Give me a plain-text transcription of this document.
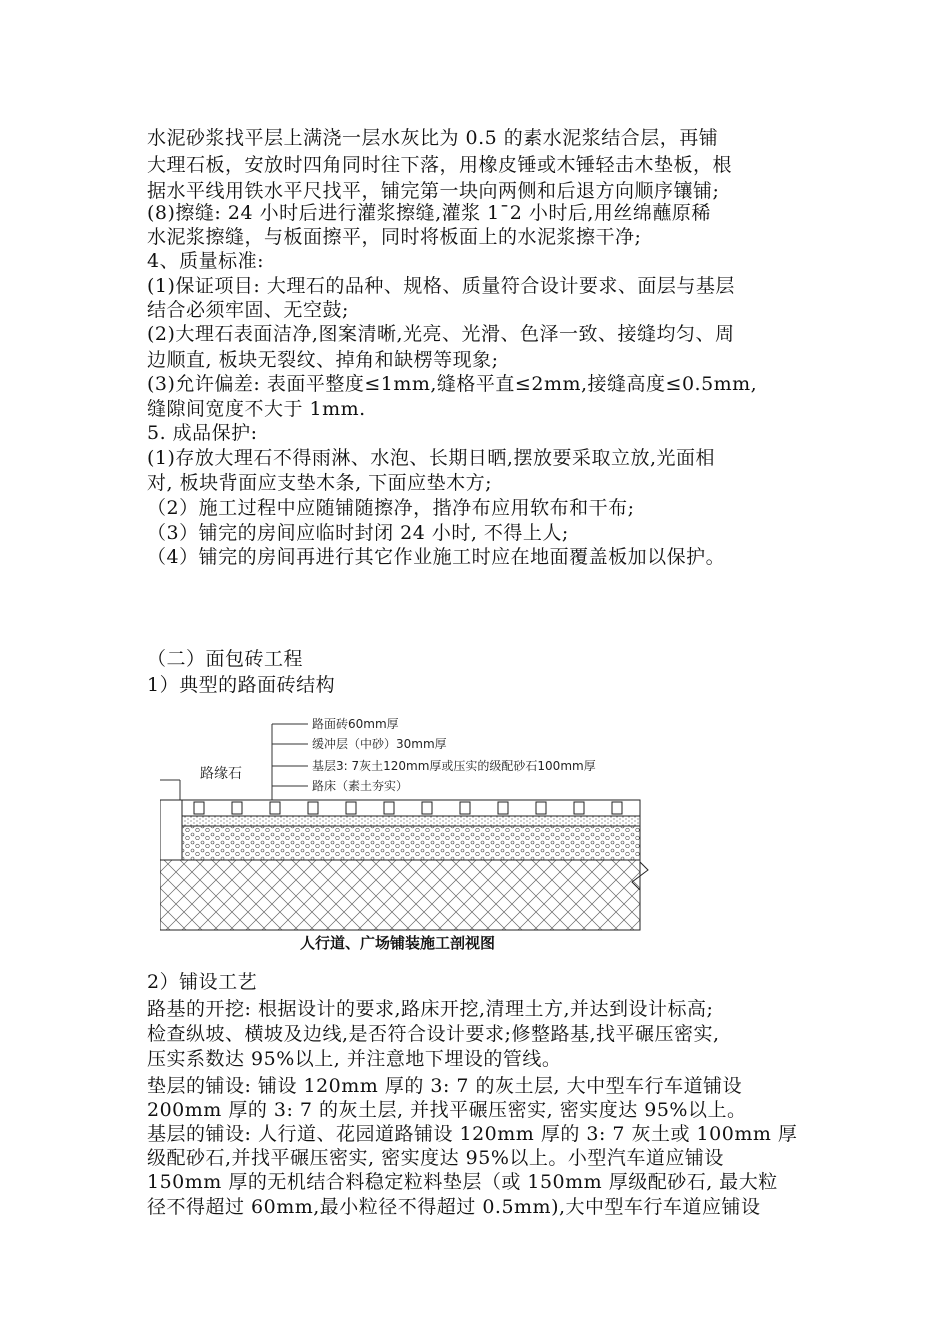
水泥砂浆找平层上满浇一层水灰比为 0.5 的素水泥浆结合层，再铺
大理石板，安放时四角同时往下落，用橡皮锤或木锤轻击木垫板，根
据水平线用铁水平尺找平，铺完第一块向两侧和后退方向顺序镶铺;
(8)擦缝: 24 小时后进行灌浆擦缝,灌浆 1¯2 小时后,用丝绵蘸原稀
水泥浆擦缝，与板面擦平，同时将板面上的水泥浆擦干净;
4、质量标准:
(1)保证项目: 大理石的品种、规格、质量符合设计要求、面层与基层
结合必须牢固、无空鼓;
(2)大理石表面洁净,图案清晰,光亮、光滑、色泽一致、接缝均匀、周
边顺直, 板块无裂纹、掉角和缺楞等现象;
(3)允许偏差: 表面平整度≤1mm,缝格平直≤2mm,接缝高度≤0.5mm,
缝隙间宽度不大于 1mm.
5. 成品保护:
(1)存放大理石不得雨淋、水泡、长期日晒,摆放要采取立放,光面相
对, 板块背面应支垫木条, 下面应垫木方;
（2）施工过程中应随铺随擦净，揩净布应用软布和干布;
（3）铺完的房间应临时封闭 24 小时, 不得上人;
（4）铺完的房间再进行其它作业施工时应在地面覆盖板加以保护。
（二）面包砖工程
1）典型的路面砖结构
路面砖60mm厚
缓冲层（中砂）30mm厚
基层3: 7灰土120mm厚或压实的级配砂石100mm厚
路床（素土夯实）
路缘石
人行道、广场铺装施工剖视图
2）铺设工艺
路基的开挖: 根据设计的要求,路床开挖,清理土方,并达到设计标高;
检查纵坡、横坡及边线,是否符合设计要求;修整路基,找平碾压密实,
压实系数达 95%以上, 并注意地下埋设的管线。
垫层的铺设: 铺设 120mm 厚的 3: 7 的灰土层, 大中型车行车道铺设
200mm 厚的 3: 7 的灰土层, 并找平碾压密实, 密实度达 95%以上。
基层的铺设: 人行道、花园道路铺设 120mm 厚的 3: 7 灰土或 100mm 厚
级配砂石,并找平碾压密实, 密实度达 95%以上。小型汽车道应铺设
150mm 厚的无机结合料稳定粒料垫层（或 150mm 厚级配砂石, 最大粒
径不得超过 60mm,最小粒径不得超过 0.5mm),大中型车行车道应铺设
